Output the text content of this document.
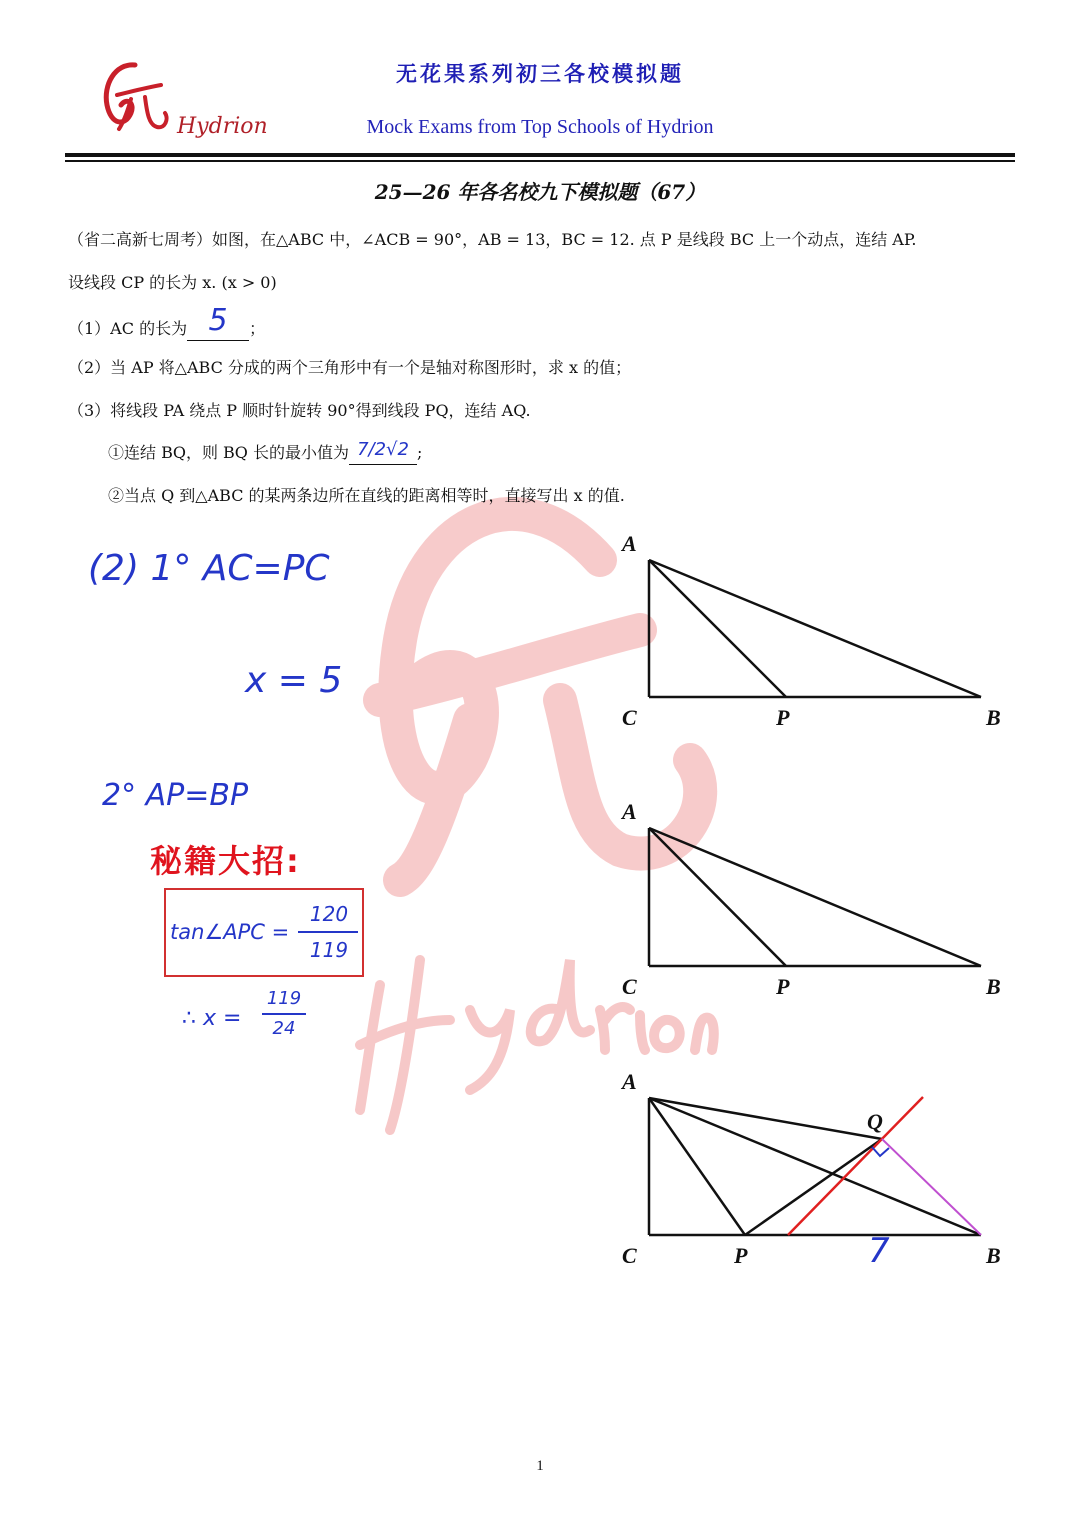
Hydrion
无花果系列初三各校模拟题
Mock Exams from Top Schools of Hydrion
25—26 年各名校九下模拟题（67）
（省二高新七周考）如图，在△ABC 中，∠ACB = 90°，AB = 13，BC = 12. 点 P 是线段 BC 上一个动点，连结 AP.
设线段 CP 的长为 x. (x > 0)
（1）AC 的长为 5 ；
（2）当 AP 将△ABC 分成的两个三角形中有一个是轴对称图形时，求 x 的值；
（3）将线段 PA 绕点 P 顺时针旋转 90°得到线段 PQ，连结 AQ.
①连结 BQ，则 BQ 长的最小值为 7/2√2 ;
②当点 Q 到△ABC 的某两条边所在直线的距离相等时，直接写出 x 的值.
(2) 1° AC=PC
x = 5
2° AP=BP
秘籍大招:
tan∠APC =
120
119
∴ x =
119
24
A
C	P	B
A
C	P	B
A
C	P	B
Q
7
1
